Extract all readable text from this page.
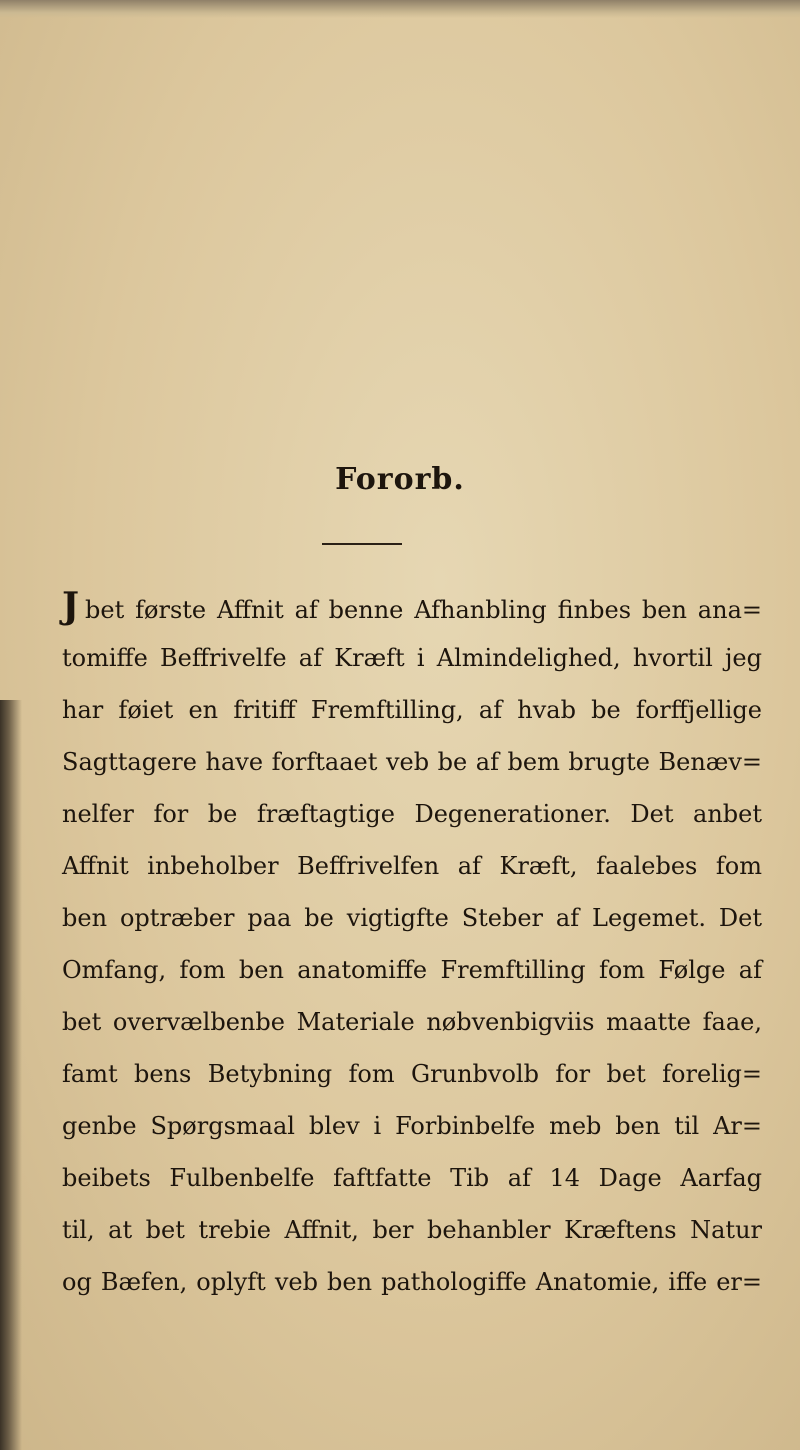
Fororb.
Jbet første Affnit af benne Afhanbling finbes ben ana=
tomiffe Beffrivelfe af Kræft i Almindelighed, hvortil jeg
har føiet en fritiff Fremftilling, af hvab be forffjellige
Sagttagere have forftaaet veb be af bem brugte Benæv=
nelfer for be fræftagtige Degenerationer. Det anbet
Affnit inbeholber Beffrivelfen af Kræft, faalebes fom
ben optræber paa be vigtigfte Steber af Legemet. Det
Omfang, fom ben anatomiffe Fremftilling fom Følge af
bet overvælbenbe Materiale nøbvenbigviis maatte faae,
famt bens Betybning fom Grunbvolb for bet forelig=
genbe Spørgsmaal blev i Forbinbelfe meb ben til Ar=
beibets Fulbenbelfe faftfatte Tib af 14 Dage Aarfag
til, at bet trebie Affnit, ber behanbler Kræftens Natur
og Bæfen, oplyft veb ben pathologiffe Anatomie, iffe er=
